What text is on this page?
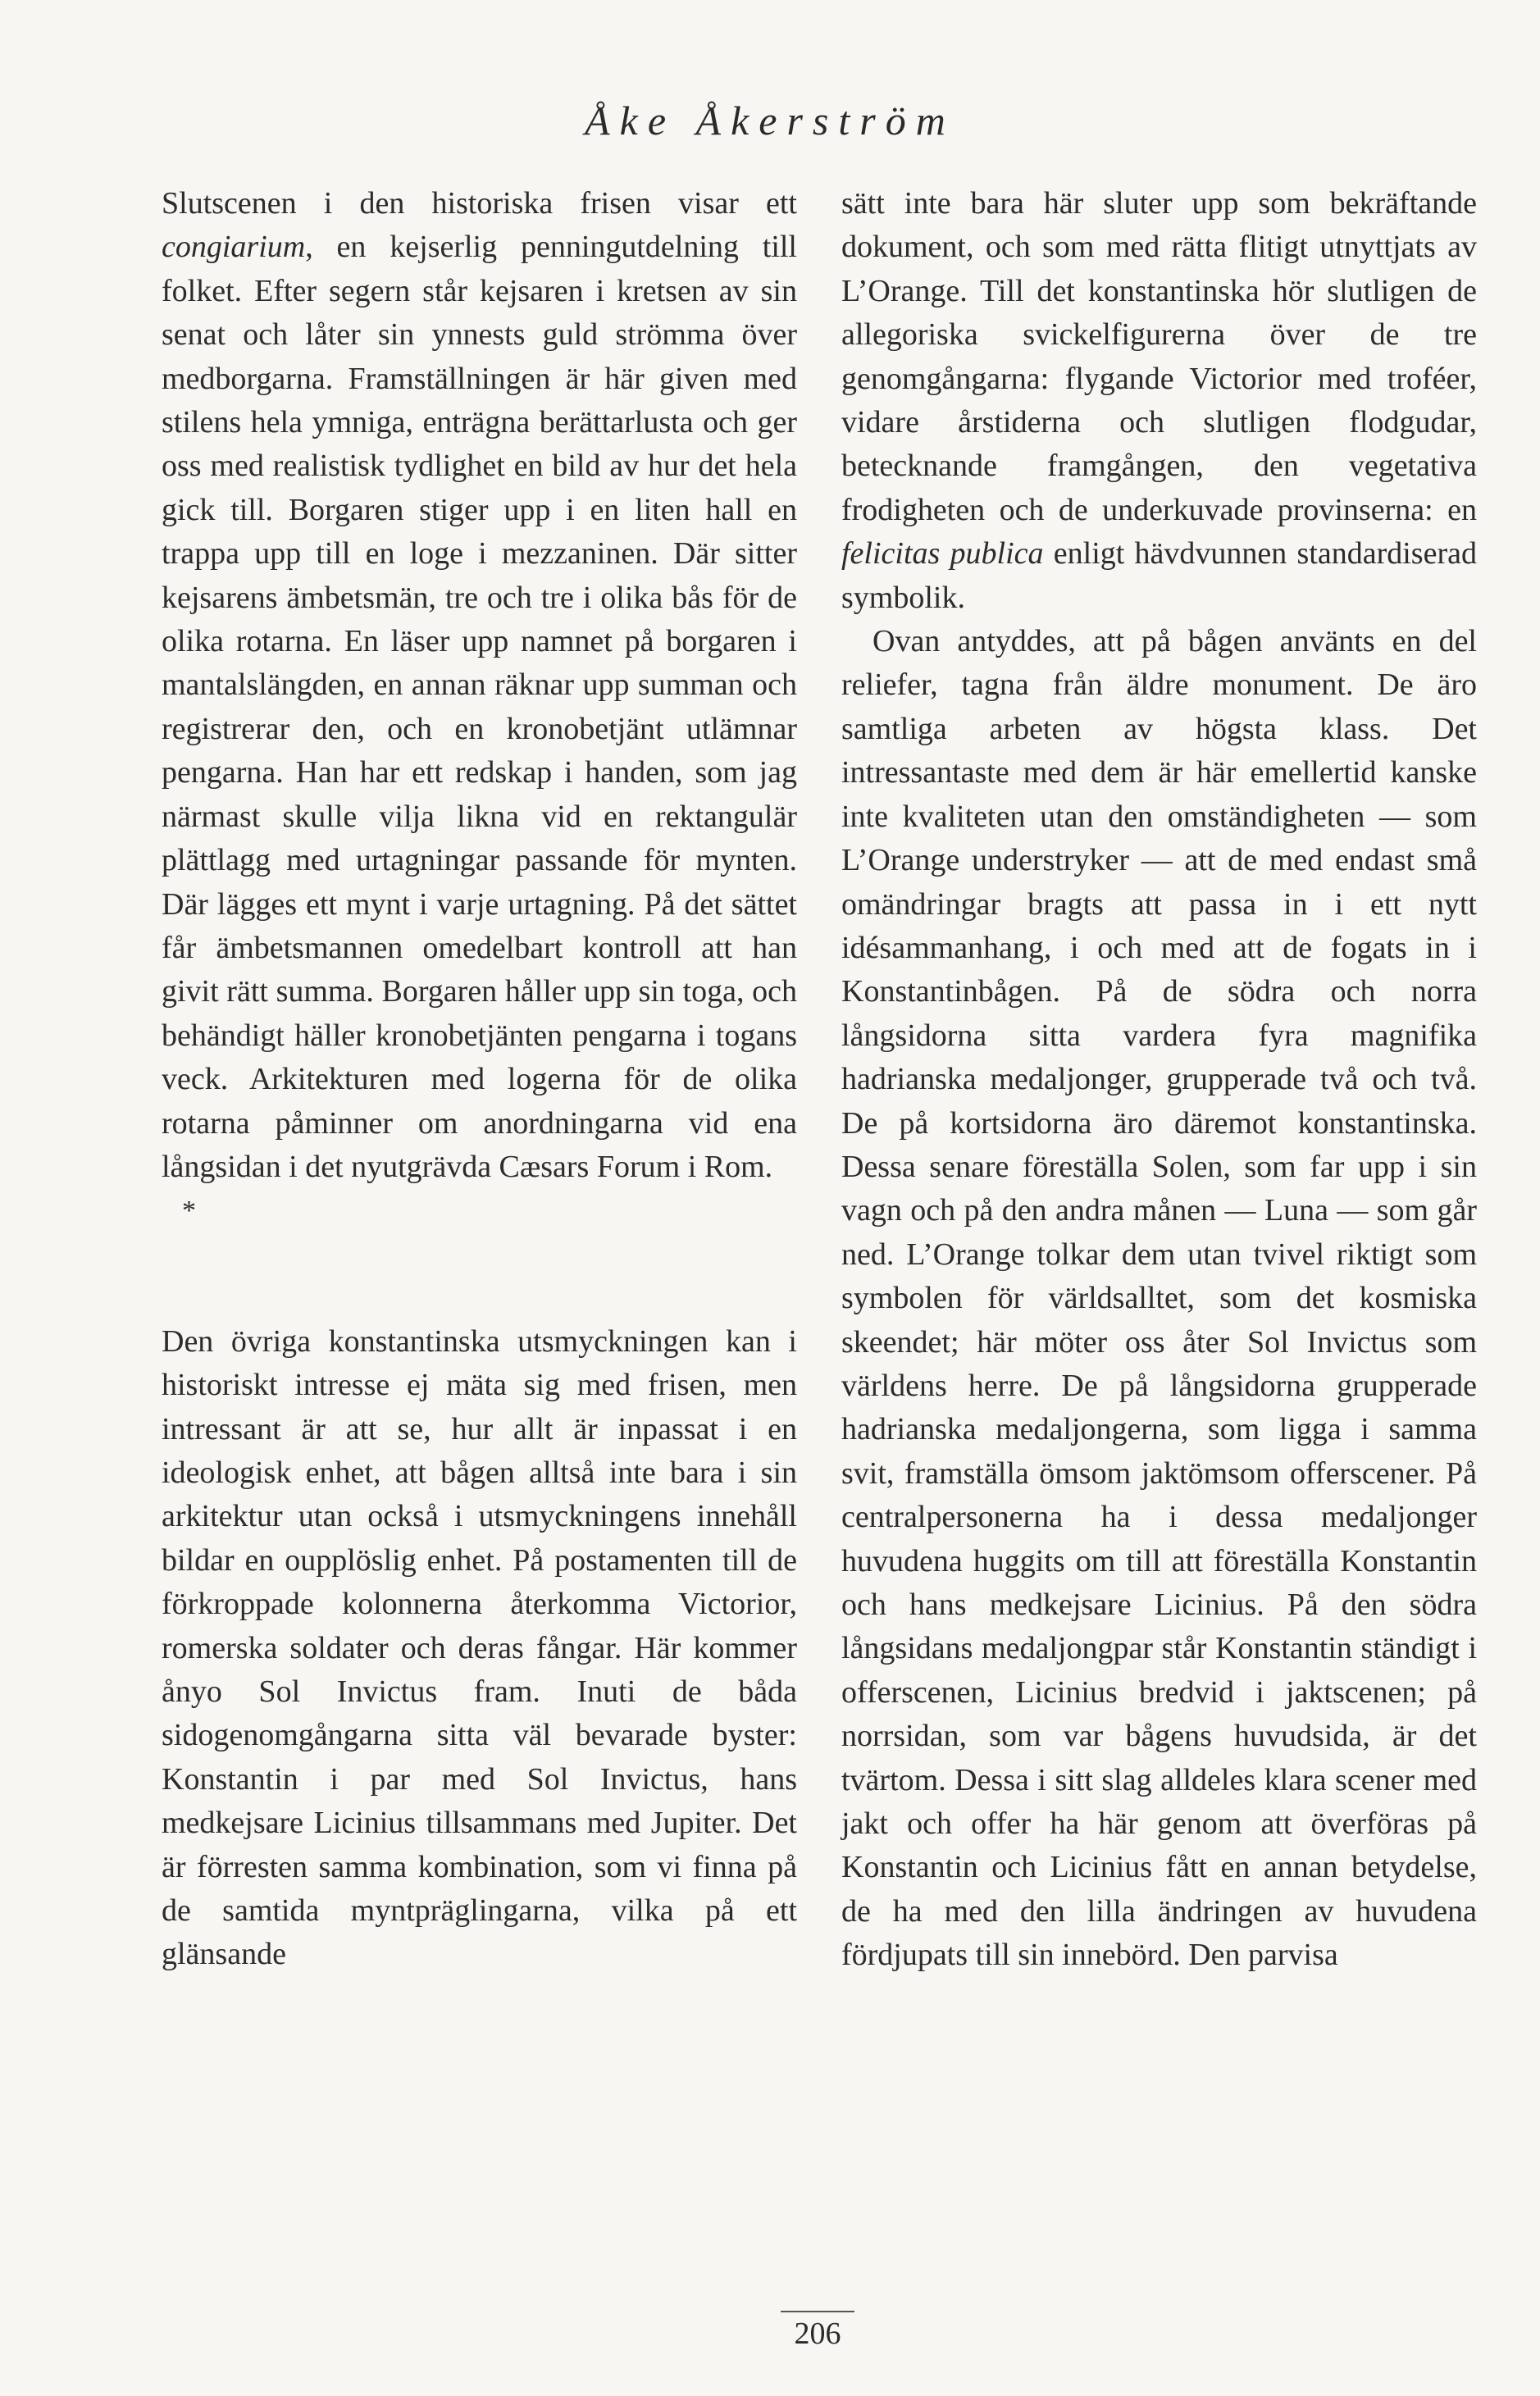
Åke Åkerström

Slutscenen i den historiska frisen visar ett congiarium, en kejserlig penningutdelning till folket. Efter segern står kejsaren i kretsen av sin senat och låter sin ynnests guld strömma över medborgarna. Framställningen är här given med stilens hela ymniga, enträgna berättarlusta och ger oss med realistisk tydlighet en bild av hur det hela gick till. Borgaren stiger upp i en liten hall en trappa upp till en loge i mezzaninen. Där sitter kejsarens ämbetsmän, tre och tre i olika bås för de olika rotarna. En läser upp namnet på borgaren i mantalslängden, en annan räknar upp summan och registrerar den, och en kronobetjänt utlämnar pengarna. Han har ett redskap i handen, som jag närmast skulle vilja likna vid en rektangulär plättlagg med urtagningar passande för mynten. Där lägges ett mynt i varje urtagning. På det sättet får ämbetsmannen omedelbart kontroll att han givit rätt summa. Borgaren håller upp sin toga, och behändigt häller kronobetjänten pengarna i togans veck. Arkitekturen med logerna för de olika rotarna påminner om anordningarna vid ena långsidan i det nyutgrävda Cæsars Forum i Rom.

*

Den övriga konstantinska utsmyckningen kan i historiskt intresse ej mäta sig med frisen, men intressant är att se, hur allt är inpassat i en ideologisk enhet, att bågen alltså inte bara i sin arkitektur utan också i utsmyckningens innehåll bildar en oupplöslig enhet. På postamenten till de förkroppade kolonnerna återkomma Victorior, romerska soldater och deras fångar. Här kommer ånyo Sol Invictus fram. Inuti de båda sidogenomgångarna sitta väl bevarade byster: Konstantin i par med Sol Invictus, hans medkejsare Licinius tillsammans med Jupiter. Det är förresten samma kombination, som vi finna på de samtida myntpräglingarna, vilka på ett glänsande

sätt inte bara här sluter upp som bekräftande dokument, och som med rätta flitigt utnyttjats av L’Orange. Till det konstantinska hör slutligen de allegoriska svickelfigurerna över de tre genomgångarna: flygande Victorior med troféer, vidare årstiderna och slutligen flodgudar, betecknande framgången, den vegetativa frodigheten och de underkuvade provinserna: en felicitas publica enligt hävdvunnen standardiserad symbolik.

Ovan antyddes, att på bågen använts en del reliefer, tagna från äldre monument. De äro samtliga arbeten av högsta klass. Det intressantaste med dem är här emellertid kanske inte kvaliteten utan den omständigheten — som L’Orange understryker — att de med endast små omändringar bragts att passa in i ett nytt idésammanhang, i och med att de fogats in i Konstantinbågen. På de södra och norra långsidorna sitta vardera fyra magnifika hadrianska medaljonger, grupperade två och två. De på kortsidorna äro däremot konstantinska. Dessa senare föreställa Solen, som far upp i sin vagn och på den andra månen — Luna — som går ned. L’Orange tolkar dem utan tvivel riktigt som symbolen för världsalltet, som det kosmiska skeendet; här möter oss åter Sol Invictus som världens herre. De på långsidorna grupperade hadrianska medaljongerna, som ligga i samma svit, framställa ömsom jaktömsom offerscener. På centralpersonerna ha i dessa medaljonger huvudena huggits om till att föreställa Konstantin och hans medkejsare Licinius. På den södra långsidans medaljongpar står Konstantin ständigt i offerscenen, Licinius bredvid i jaktscenen; på norrsidan, som var bågens huvudsida, är det tvärtom. Dessa i sitt slag alldeles klara scener med jakt och offer ha här genom att överföras på Konstantin och Licinius fått en annan betydelse, de ha med den lilla ändringen av huvudena fördjupats till sin innebörd. Den parvisa

206
